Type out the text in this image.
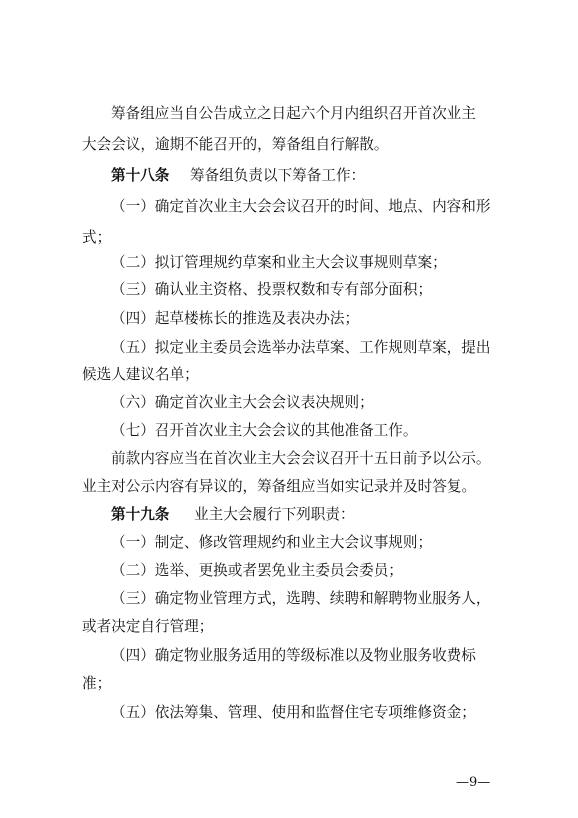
筹备组应当自公告成立之日起六个月内组织召开首次业主
大会会议，逾期不能召开的，筹备组自行解散。
第十八条 筹备组负责以下筹备工作：
（一）确定首次业主大会会议召开的时间、地点、内容和形
式；
（二）拟订管理规约草案和业主大会议事规则草案；
（三）确认业主资格、投票权数和专有部分面积；
（四）起草楼栋长的推选及表决办法；
（五）拟定业主委员会选举办法草案、工作规则草案，提出
候选人建议名单；
（六）确定首次业主大会会议表决规则；
（七）召开首次业主大会会议的其他准备工作。
前款内容应当在首次业主大会会议召开十五日前予以公示。
业主对公示内容有异议的，筹备组应当如实记录并及时答复。
第十九条 业主大会履行下列职责：
（一）制定、修改管理规约和业主大会议事规则；
（二）选举、更换或者罢免业主委员会委员；
（三）确定物业管理方式，选聘、续聘和解聘物业服务人，
或者决定自行管理；
（四）确定物业服务适用的等级标准以及物业服务收费标
准；
（五）依法筹集、管理、使用和监督住宅专项维修资金；
—9—
